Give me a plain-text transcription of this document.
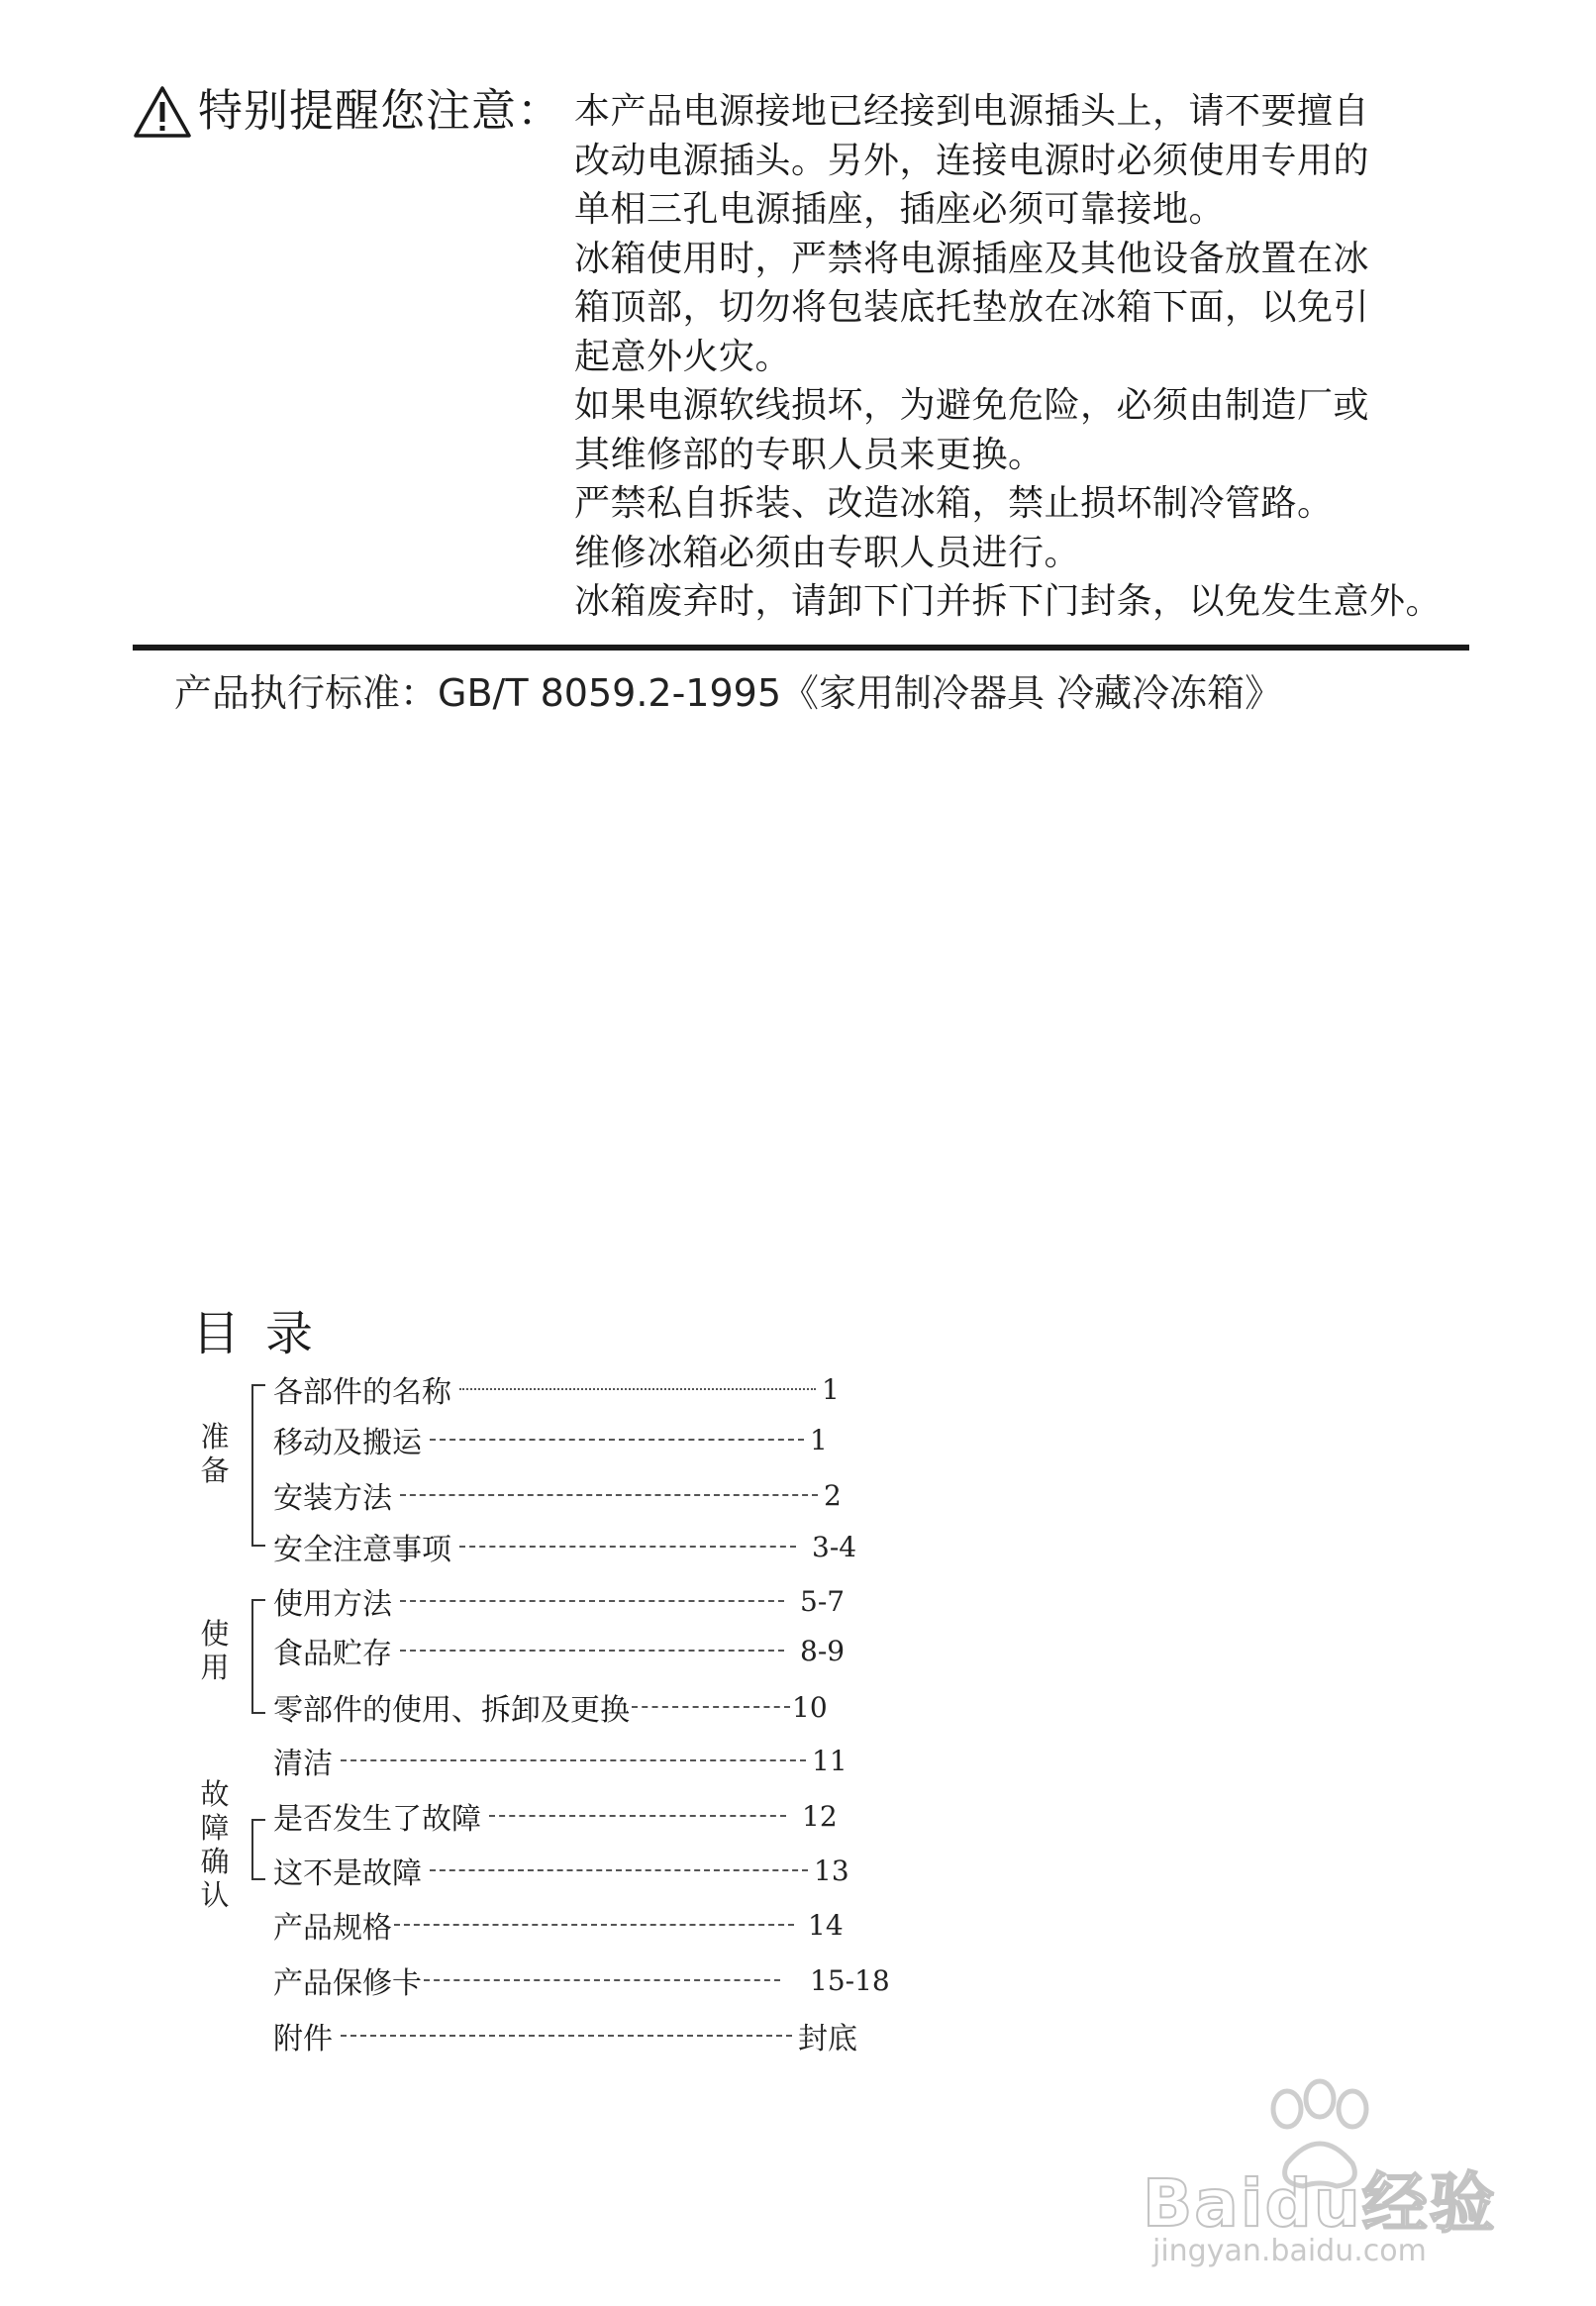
特别提醒您注意： 本产品电源接地已经接到电源插头上，请不要擅自
改动电源插头。另外，连接电源时必须使用专用的
单相三孔电源插座，插座必须可靠接地。
冰箱使用时，严禁将电源插座及其他设备放置在冰
箱顶部，切勿将包装底托垫放在冰箱下面，以免引
起意外火灾。
如果电源软线损坏，为避免危险，必须由制造厂或
其维修部的专职人员来更换。
严禁私自拆装、改造冰箱，禁止损坏制冷管路。
维修冰箱必须由专职人员进行。
冰箱废弃时，请卸下门并拆下门封条，以免发生意外。
产品执行标准：GB/T 8059.2-1995《家用制冷器具 冷藏冷冻箱》
目录
准备
使用
故障确认
各部件的名称	1
移动及搬运	1
安装方法	2
安全注意事项	3-4
使用方法	5-7
食品贮存	8-9
零部件的使用、拆卸及更换	10
清洁	11
是否发生了故障	12
这不是故障	13
产品规格	14
产品保修卡	15-18
附件	封底
Baidu经验
jingyan.baidu.com
